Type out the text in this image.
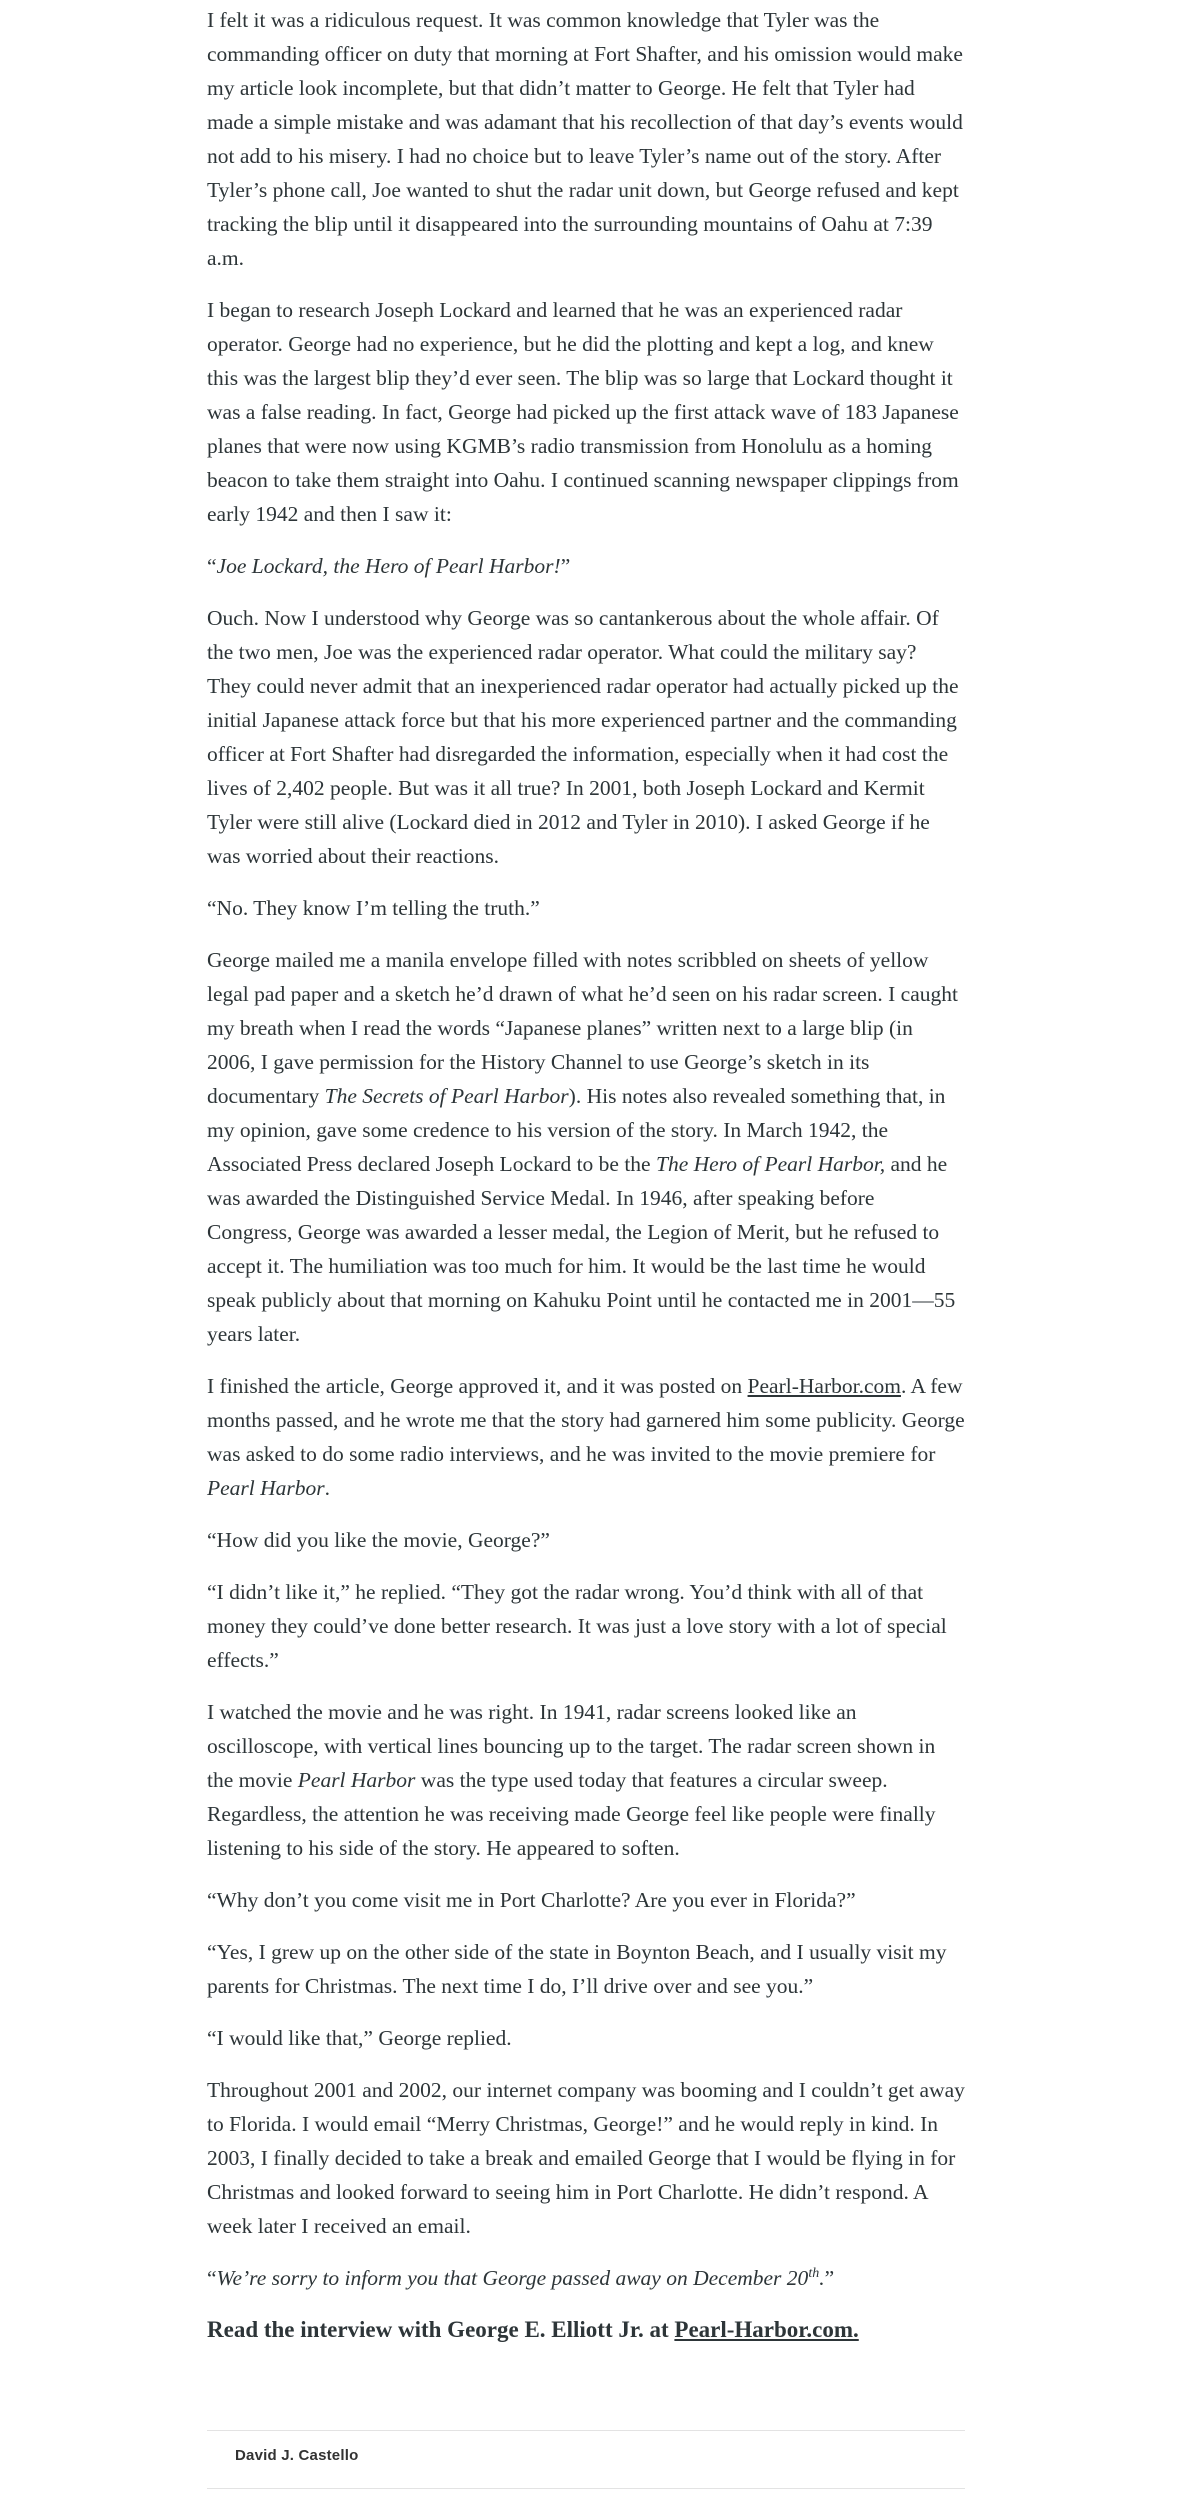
I felt it was a ridiculous request. It was common knowledge that Tyler was the commanding officer on duty that morning at Fort Shafter, and his omission would make my article look incomplete, but that didn’t matter to George. He felt that Tyler had made a simple mistake and was adamant that his recollection of that day’s events would not add to his misery. I had no choice but to leave Tyler’s name out of the story. After Tyler’s phone call, Joe wanted to shut the radar unit down, but George refused and kept tracking the blip until it disappeared into the surrounding mountains of Oahu at 7:39 a.m.

I began to research Joseph Lockard and learned that he was an experienced radar operator. George had no experience, but he did the plotting and kept a log, and knew this was the largest blip they’d ever seen. The blip was so large that Lockard thought it was a false reading. In fact, George had picked up the first attack wave of 183 Japanese planes that were now using KGMB’s radio transmission from Honolulu as a homing beacon to take them straight into Oahu. I continued scanning newspaper clippings from early 1942 and then I saw it:

“Joe Lockard, the Hero of Pearl Harbor!”

Ouch. Now I understood why George was so cantankerous about the whole affair. Of the two men, Joe was the experienced radar operator. What could the military say? They could never admit that an inexperienced radar operator had actually picked up the initial Japanese attack force but that his more experienced partner and the commanding officer at Fort Shafter had disregarded the information, especially when it had cost the lives of 2,402 people. But was it all true? In 2001, both Joseph Lockard and Kermit Tyler were still alive (Lockard died in 2012 and Tyler in 2010). I asked George if he was worried about their reactions.

“No. They know I’m telling the truth.”

George mailed me a manila envelope filled with notes scribbled on sheets of yellow legal pad paper and a sketch he’d drawn of what he’d seen on his radar screen. I caught my breath when I read the words “Japanese planes” written next to a large blip (in 2006, I gave permission for the History Channel to use George’s sketch in its documentary The Secrets of Pearl Harbor). His notes also revealed something that, in my opinion, gave some credence to his version of the story. In March 1942, the Associated Press declared Joseph Lockard to be the The Hero of Pearl Harbor, and he was awarded the Distinguished Service Medal. In 1946, after speaking before Congress, George was awarded a lesser medal, the Legion of Merit, but he refused to accept it. The humiliation was too much for him. It would be the last time he would speak publicly about that morning on Kahuku Point until he contacted me in 2001—55 years later.

I finished the article, George approved it, and it was posted on Pearl-Harbor.com. A few months passed, and he wrote me that the story had garnered him some publicity. George was asked to do some radio interviews, and he was invited to the movie premiere for Pearl Harbor.

“How did you like the movie, George?”

“I didn’t like it,” he replied. “They got the radar wrong. You’d think with all of that money they could’ve done better research. It was just a love story with a lot of special effects.”

I watched the movie and he was right. In 1941, radar screens looked like an oscilloscope, with vertical lines bouncing up to the target. The radar screen shown in the movie Pearl Harbor was the type used today that features a circular sweep. Regardless, the attention he was receiving made George feel like people were finally listening to his side of the story. He appeared to soften.

“Why don’t you come visit me in Port Charlotte? Are you ever in Florida?”

“Yes, I grew up on the other side of the state in Boynton Beach, and I usually visit my parents for Christmas. The next time I do, I’ll drive over and see you.”

“I would like that,” George replied.

Throughout 2001 and 2002, our internet company was booming and I couldn’t get away to Florida. I would email “Merry Christmas, George!” and he would reply in kind. In 2003, I finally decided to take a break and emailed George that I would be flying in for Christmas and looked forward to seeing him in Port Charlotte. He didn’t respond. A week later I received an email.

“We’re sorry to inform you that George passed away on December 20th.”

Read the interview with George E. Elliott Jr. at Pearl-Harbor.com.

David J. Castello
